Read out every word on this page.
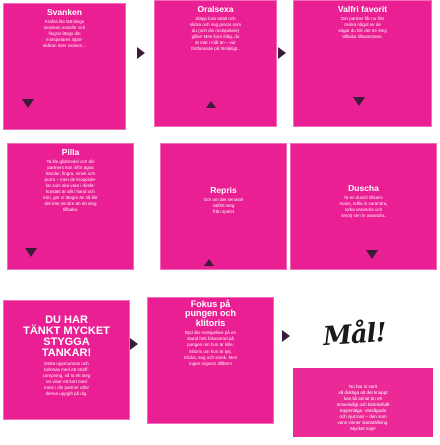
Svanken
Krafsa lite lätt längs
svanken ovanför och
fingrar längs din
motspelares stjärt-
skåran över svanen...
Oralsexa
Släpp loss totalt och
slicka och sug precis som
du (och din motspelare)
gillar! Men kom ihåg, du
är inte i mål än – var
förtfarande på försiktigt..
Valfri favorit
Din partner får nu fritt
önska något av de
vägar du blir det tre steg
tillbaka tillsammans.
Pilla
Ta lite glidmedel och din
partners kön inför ägna
känder, fingra, smek och
purra – men de kroppsde-
lar som ska vara i direkt-
kontakt är allt i hand och
kön, gör ni längre än så blir
det inte mindre än ett steg
tillbaka.
Repris
Gör om det senaste
valfritt steg
från spelet
Duscha
Ta en dusch tillsam-
mans, tvåla in varandra,
torka varandra och
smörj sen in varandra.
DU HAR
TÄNKT MYCKET
STYGGA
TANKAR!
Detta uppmuntras och
belönas med ett straff-
compning, så ta ett steg
en visar ett kort med
mest i din partner utför
denna uppgift på dig.
Fokus på
pungen och
klitoris
Byd din motspelare på en
stund helt fokuserad på
pungen om hon är kille,
klitoris om hon är tjej.
Slicka, sug och smek. Men
ingen orgasm tillåten!
Mål!
Nu har ni varit
så duktiga att det knappt
kan bli annat än ett
ömsesidigt och kärleksfullt
toppenläge. Varsågoda
och njut loss – den som
vann vinner startställning.
Mycket nöje!
